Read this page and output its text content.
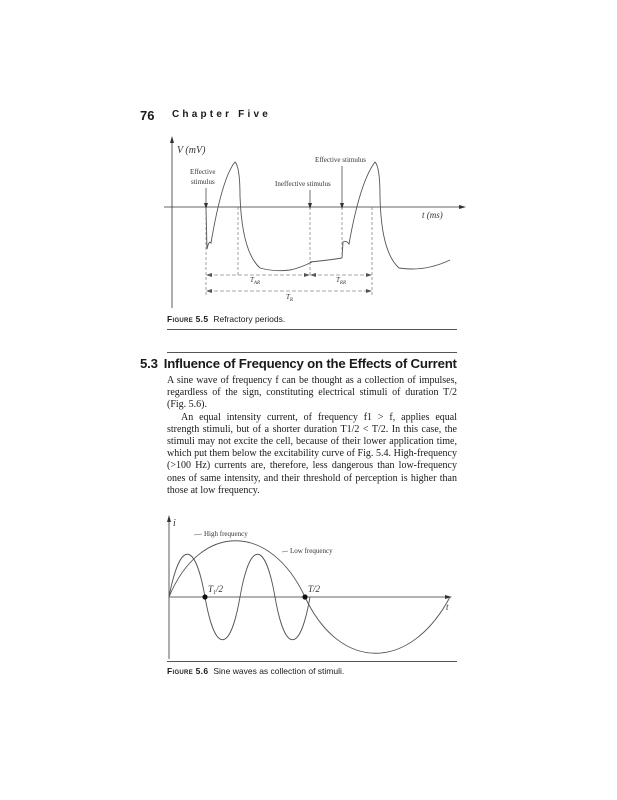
76 Chapter Five
V (mV)
t (ms)
Effective
stimulus	Ineffective stimulus
Effective stimulus
$T_{AR}$	$T_{RR}$
$T_R$
Figure 5.5 Refractory periods.
5.3 Influence of Frequency on the Effects of Current

A sine wave of frequency f can be thought as a collection of impulses, regardless of the sign, constituting electrical stimuli of duration T/2 (Fig. 5.6).

An equal intensity current, of frequency f1 > f, applies equal strength stimuli, but of a shorter duration T1/2 < T/2. In this case, the stimuli may not excite the cell, because of their lower application time, which put them below the excitability curve of Fig. 5.4. High-frequency (>100 Hz) currents are, therefore, less dangerous than low-frequency ones of same intensity, and their threshold of perception is higher than those at low frequency.

i
t
$T_1/2$	T/2
High frequency
Low frequency
Figure 5.6 Sine waves as collection of stimuli.
